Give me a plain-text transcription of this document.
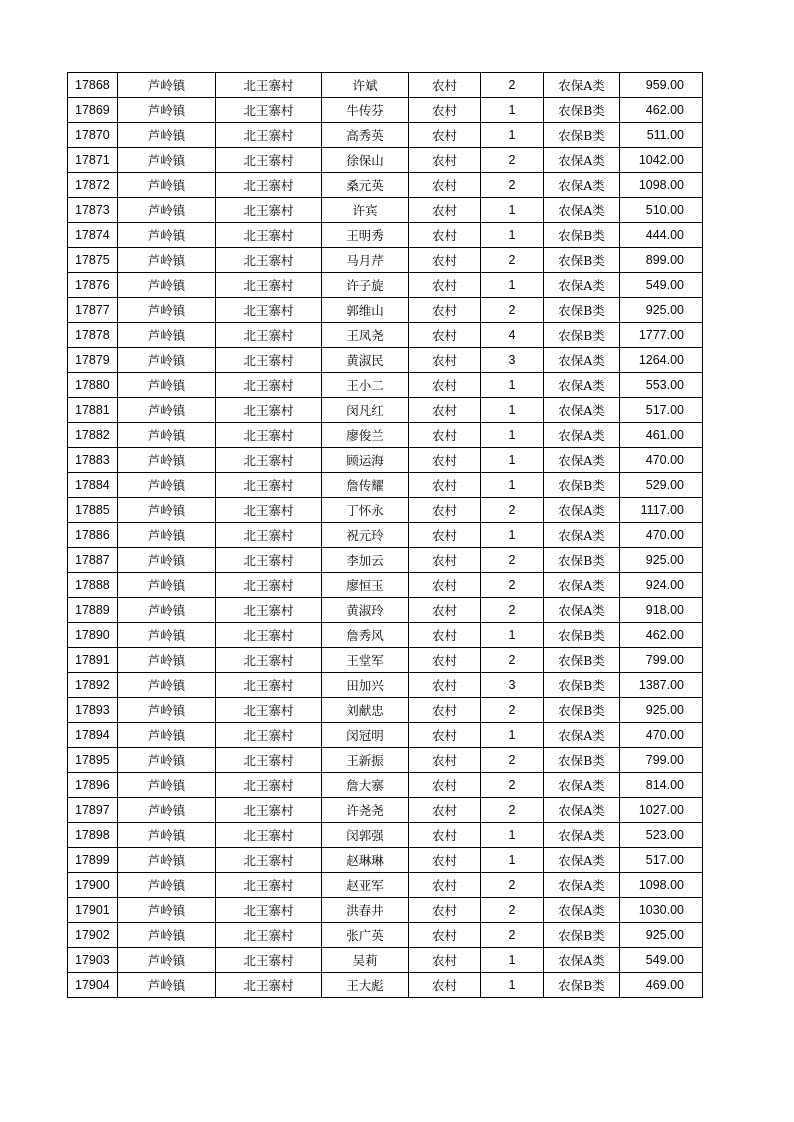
17868	芦岭镇	北王寨村	许斌	农村	2	农保A类	959.00
17869	芦岭镇	北王寨村	牛传芬	农村	1	农保B类	462.00
17870	芦岭镇	北王寨村	高秀英	农村	1	农保B类	511.00
17871	芦岭镇	北王寨村	徐保山	农村	2	农保A类	1042.00
17872	芦岭镇	北王寨村	桑元英	农村	2	农保A类	1098.00
17873	芦岭镇	北王寨村	许宾	农村	1	农保A类	510.00
17874	芦岭镇	北王寨村	王明秀	农村	1	农保B类	444.00
17875	芦岭镇	北王寨村	马月芹	农村	2	农保B类	899.00
17876	芦岭镇	北王寨村	许子旋	农村	1	农保A类	549.00
17877	芦岭镇	北王寨村	郭维山	农村	2	农保B类	925.00
17878	芦岭镇	北王寨村	王凤尧	农村	4	农保B类	1777.00
17879	芦岭镇	北王寨村	黄淑民	农村	3	农保A类	1264.00
17880	芦岭镇	北王寨村	王小二	农村	1	农保A类	553.00
17881	芦岭镇	北王寨村	闵凡红	农村	1	农保A类	517.00
17882	芦岭镇	北王寨村	廖俊兰	农村	1	农保A类	461.00
17883	芦岭镇	北王寨村	顾运海	农村	1	农保A类	470.00
17884	芦岭镇	北王寨村	詹传耀	农村	1	农保B类	529.00
17885	芦岭镇	北王寨村	丁怀永	农村	2	农保A类	1117.00
17886	芦岭镇	北王寨村	祝元玲	农村	1	农保A类	470.00
17887	芦岭镇	北王寨村	李加云	农村	2	农保B类	925.00
17888	芦岭镇	北王寨村	廖恒玉	农村	2	农保A类	924.00
17889	芦岭镇	北王寨村	黄淑玲	农村	2	农保A类	918.00
17890	芦岭镇	北王寨村	詹秀风	农村	1	农保B类	462.00
17891	芦岭镇	北王寨村	王堂军	农村	2	农保B类	799.00
17892	芦岭镇	北王寨村	田加兴	农村	3	农保B类	1387.00
17893	芦岭镇	北王寨村	刘献忠	农村	2	农保B类	925.00
17894	芦岭镇	北王寨村	闵冠明	农村	1	农保A类	470.00
17895	芦岭镇	北王寨村	王新振	农村	2	农保B类	799.00
17896	芦岭镇	北王寨村	詹大寨	农村	2	农保A类	814.00
17897	芦岭镇	北王寨村	许尧尧	农村	2	农保A类	1027.00
17898	芦岭镇	北王寨村	闵郭强	农村	1	农保A类	523.00
17899	芦岭镇	北王寨村	赵琳琳	农村	1	农保A类	517.00
17900	芦岭镇	北王寨村	赵亚军	农村	2	农保A类	1098.00
17901	芦岭镇	北王寨村	洪春井	农村	2	农保A类	1030.00
17902	芦岭镇	北王寨村	张广英	农村	2	农保B类	925.00
17903	芦岭镇	北王寨村	吴莉	农村	1	农保A类	549.00
17904	芦岭镇	北王寨村	王大彪	农村	1	农保B类	469.00
